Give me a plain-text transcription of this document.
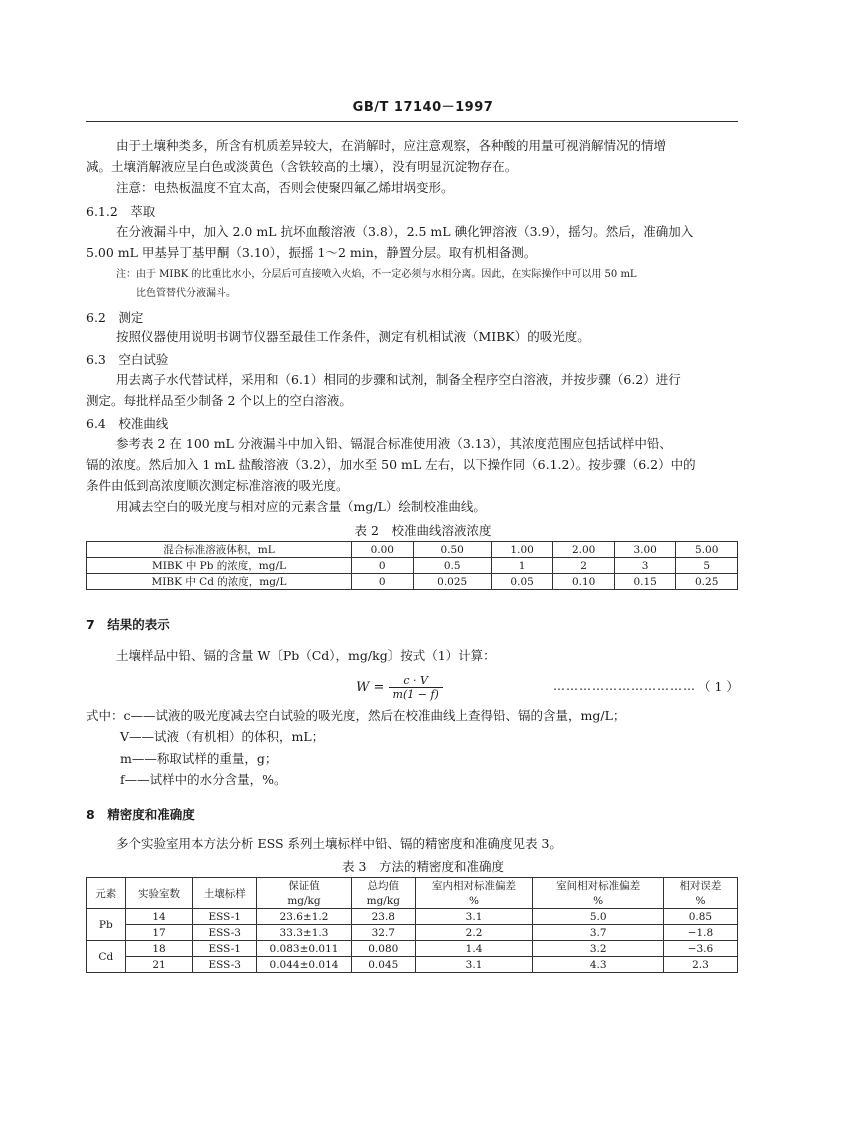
GB/T 17140－1997
由于土壤种类多，所含有机质差异较大，在消解时，应注意观察，各种酸的用量可视消解情况的情增
减。土壤消解液应呈白色或淡黄色（含铁较高的土壤），没有明显沉淀物存在。
注意：电热板温度不宜太高，否则会使聚四氟乙烯坩埚变形。
6.1.2　萃取
在分液漏斗中，加入 2.0 mL 抗坏血酸溶液（3.8），2.5 mL 碘化钾溶液（3.9），摇匀。然后，准确加入
5.00 mL 甲基异丁基甲酮（3.10），振摇 1～2 min，静置分层。取有机相备测。
注：由于 MIBK 的比重比水小，分层后可直接喷入火焰，不一定必须与水相分离。因此，在实际操作中可以用 50 mL
比色管替代分液漏斗。
6.2　测定
按照仪器使用说明书调节仪器至最佳工作条件，测定有机相试液（MIBK）的吸光度。
6.3　空白试验
用去离子水代替试样，采用和（6.1）相同的步骤和试剂，制备全程序空白溶液，并按步骤（6.2）进行
测定。每批样品至少制备 2 个以上的空白溶液。
6.4　校准曲线
参考表 2 在 100 mL 分液漏斗中加入铅、镉混合标准使用液（3.13），其浓度范围应包括试样中铅、
镉的浓度。然后加入 1 mL 盐酸溶液（3.2），加水至 50 mL 左右，以下操作同（6.1.2）。按步骤（6.2）中的
条件由低到高浓度顺次测定标准溶液的吸光度。
用减去空白的吸光度与相对应的元素含量（mg/L）绘制校准曲线。
表 2　校准曲线溶液浓度
混合标准溶液体积，mL	0.00	0.50	1.00	2.00	3.00	5.00
MIBK 中 Pb 的浓度，mg/L	0	0.5	1	2	3	5
MIBK 中 Cd 的浓度，mg/L	0	0.025	0.05	0.10	0.15	0.25
7　结果的表示
土壤样品中铅、镉的含量 W〔Pb（Cd），mg/kg〕按式（1）计算：
$W = \frac{c \cdot V}{m(1 - f)}$	…………………………… （ 1 ）
式中：c——试液的吸光度减去空白试验的吸光度，然后在校准曲线上查得铅、镉的含量，mg/L；
V——试液（有机相）的体积，mL；
m——称取试样的重量，g；
f——试样中的水分含量，%。
8　精密度和准确度
多个实验室用本方法分析 ESS 系列土壤标样中铅、镉的精密度和准确度见表 3。
表 3　方法的精密度和准确度
元素	实验室数	土壤标样	保证值	总均值	室内相对标准偏差	室间相对标准偏差	相对误差
			mg/kg	mg/kg	%	%	%
Pb	14	ESS-1	23.6±1.2	23.8	3.1	5.0	0.85
	17	ESS-3	33.3±1.3	32.7	2.2	3.7	−1.8
Cd	18	ESS-1	0.083±0.011	0.080	1.4	3.2	−3.6
	21	ESS-3	0.044±0.014	0.045	3.1	4.3	2.3
